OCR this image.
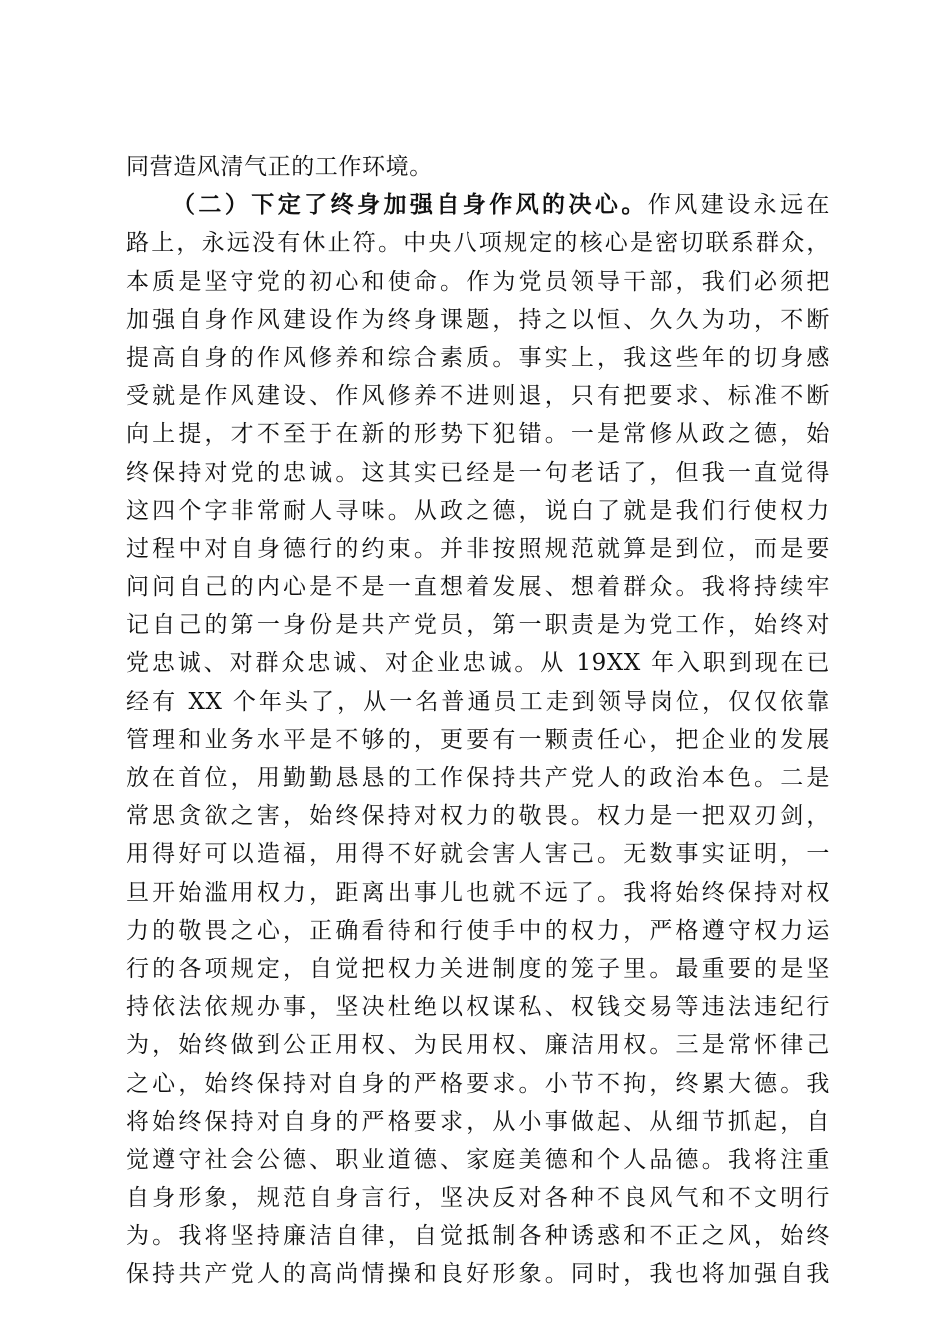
同营造风清气正的工作环境。
（二）下定了终身加强自身作风的决心。作风建设永远在
路上，永远没有休止符。中央八项规定的核心是密切联系群众，
本质是坚守党的初心和使命。作为党员领导干部，我们必须把
加强自身作风建设作为终身课题，持之以恒、久久为功，不断
提高自身的作风修养和综合素质。事实上，我这些年的切身感
受就是作风建设、作风修养不进则退，只有把要求、标准不断
向上提，才不至于在新的形势下犯错。一是常修从政之德，始
终保持对党的忠诚。这其实已经是一句老话了，但我一直觉得
这四个字非常耐人寻味。从政之德，说白了就是我们行使权力
过程中对自身德行的约束。并非按照规范就算是到位，而是要
问问自己的内心是不是一直想着发展、想着群众。我将持续牢
记自己的第一身份是共产党员，第一职责是为党工作，始终对
党忠诚、对群众忠诚、对企业忠诚。从 19XX 年入职到现在已
经有 XX 个年头了，从一名普通员工走到领导岗位，仅仅依靠
管理和业务水平是不够的，更要有一颗责任心，把企业的发展
放在首位，用勤勤恳恳的工作保持共产党人的政治本色。二是
常思贪欲之害，始终保持对权力的敬畏。权力是一把双刃剑，
用得好可以造福，用得不好就会害人害己。无数事实证明，一
旦开始滥用权力，距离出事儿也就不远了。我将始终保持对权
力的敬畏之心，正确看待和行使手中的权力，严格遵守权力运
行的各项规定，自觉把权力关进制度的笼子里。最重要的是坚
持依法依规办事，坚决杜绝以权谋私、权钱交易等违法违纪行
为，始终做到公正用权、为民用权、廉洁用权。三是常怀律己
之心，始终保持对自身的严格要求。小节不拘，终累大德。我
将始终保持对自身的严格要求，从小事做起、从细节抓起，自
觉遵守社会公德、职业道德、家庭美德和个人品德。我将注重
自身形象，规范自身言行，坚决反对各种不良风气和不文明行
为。我将坚持廉洁自律，自觉抵制各种诱惑和不正之风，始终
保持共产党人的高尚情操和良好形象。同时，我也将加强自我
